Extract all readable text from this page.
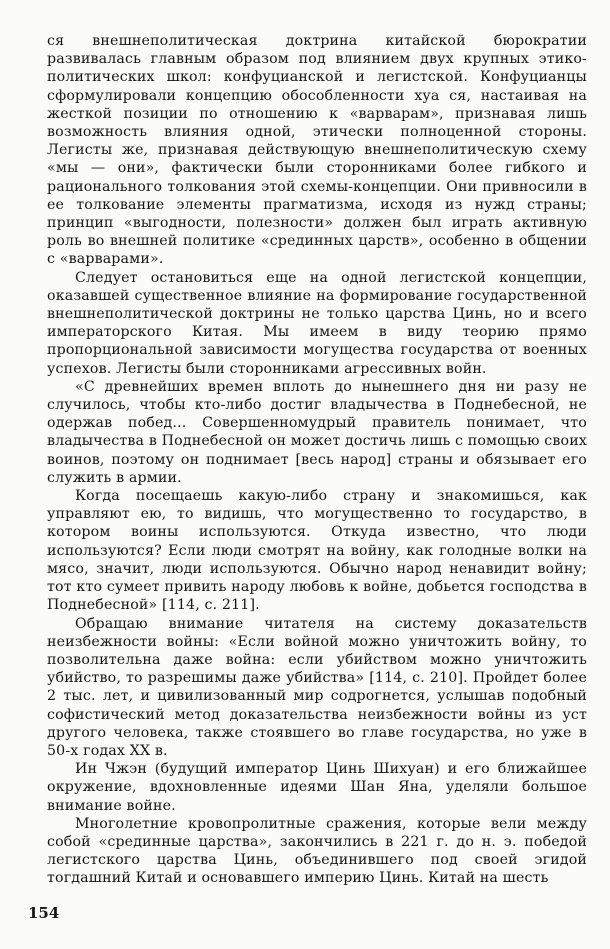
ся внешнеполитическая доктрина китайской бюрократии развивалась главным образом под влиянием двух крупных этико-политических школ: конфуцианской и легистской. Конфуцианцы сформулировали концепцию обособленности хуа ся, настаивая на жесткой позиции по отношению к «варварам», признавая лишь возможность влияния одной, этически полноценной стороны. Легисты же, признавая действующую внешнеполитическую схему «мы — они», фактически были сторонниками более гибкого и рационального толкования этой схемы-концепции. Они привносили в ее толкование элементы прагматизма, исходя из нужд страны; принцип «выгодности, полезности» должен был играть активную роль во внешней политике «срединных царств», особенно в общении с «варварами».

Следует остановиться еще на одной легистской концепции, оказавшей существенное влияние на формирование государственной внешнеполитической доктрины не только царства Цинь, но и всего императорского Китая. Мы имеем в виду теорию прямо пропорциональной зависимости могущества государства от военных успехов. Легисты были сторонниками агрессивных войн.

«С древнейших времен вплоть до нынешнего дня ни разу не случилось, чтобы кто-либо достиг владычества в Поднебесной, не одержав побед... Совершенномудрый правитель понимает, что владычества в Поднебесной он может достичь лишь с помощью своих воинов, поэтому он поднимает [весь народ] страны и обязывает его служить в армии.

Когда посещаешь какую-либо страну и знакомишься, как управляют ею, то видишь, что могущественно то государство, в котором воины используются. Откуда известно, что люди используются? Если люди смотрят на войну, как голодные волки на мясо, значит, люди используются. Обычно народ ненавидит войну; тот кто сумеет привить народу любовь к войне, добьется господства в Поднебесной» [114, с. 211].

Обращаю внимание читателя на систему доказательств неизбежности войны: «Если войной можно уничтожить войну, то позволительна даже война: если убийством можно уничтожить убийство, то разрешимы даже убийства» [114, с. 210]. Пройдет более 2 тыс. лет, и цивилизованный мир содрогнется, услышав подобный софистический метод доказательства неизбежности войны из уст другого человека, также стоявшего во главе государства, но уже в 50-х годах XX в.

Ин Чжэн (будущий император Цинь Шихуан) и его ближайшее окружение, вдохновленные идеями Шан Яна, уделяли большое внимание войне.

Многолетние кровопролитные сражения, которые вели между собой «срединные царства», закончились в 221 г. до н. э. победой легистского царства Цинь, объединившего под своей эгидой тогдашний Китай и основавшего империю Цинь. Китай на шесть

154
